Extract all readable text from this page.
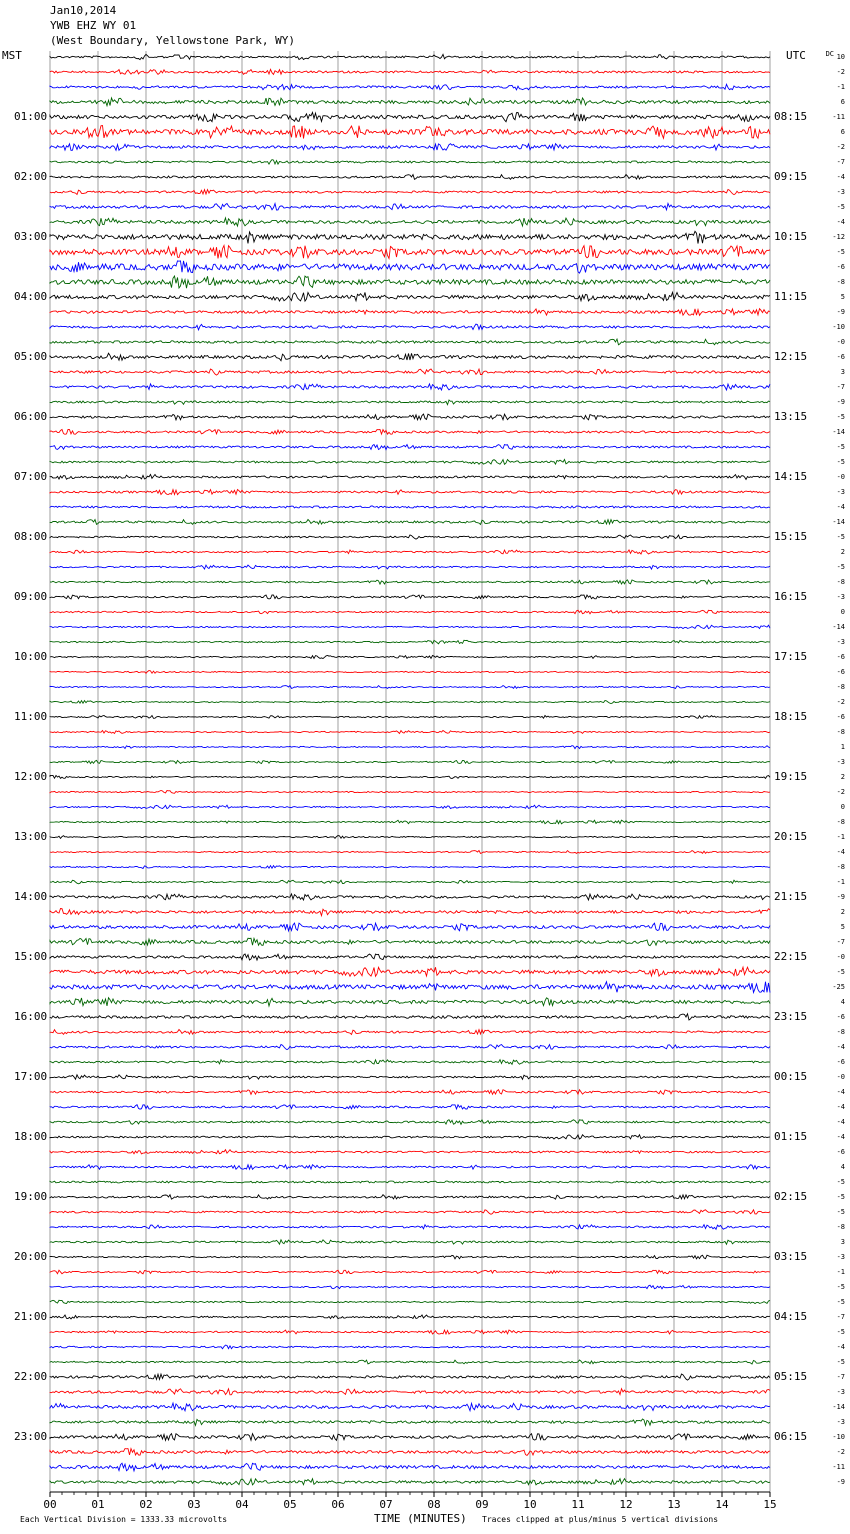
Jan10,2014
YWB EHZ WY 01
(West Boundary, Yellowstone Park, WY)
MST	UTC	DC
01:00
02:00
03:00
04:00
05:00
06:00
07:00
08:00
09:00
10:00
11:00
12:00
13:00
14:00
15:00
16:00
17:00
18:00
19:00
20:00
21:00
22:00
23:00
08:15
09:15
10:15
11:15
12:15
13:15
14:15
15:15
16:15
17:15
18:15
19:15
20:15
21:15
22:15
23:15
00:15
01:15
02:15
03:15
04:15
05:15
06:15
10
-2
-1
6
-11
6
-2
-7
-4
-3
-5
-4
-12
-5
-6
-8
5
-9
-10
-0
-6
3
-7
-9
-5
-14
-5
-5
-0
-3
-4
-14
-5
2
-5
-8
-3
0
-14
-3
-6
-6
-8
-2
-6
-8
1
-3
2
-2
0
-8
-1
-4
-8
-1
-9
2
5
-7
-0
-5
-25
4
-6
-8
-4
-6
-0
-4
-4
-4
-4
-6
4
-5
-5
-5
-8
3
-3
-1
-5
-5
-7
-5
-4
-5
-7
-3
-14
-3
-10
-2
-11
-9
00	01	02	03	04	05	06	07	08	09	10	11	12	13	14	15
Each Vertical Division = 1333.33 microvolts	TIME (MINUTES) Traces clipped at plus/minus 5 vertical divisions
